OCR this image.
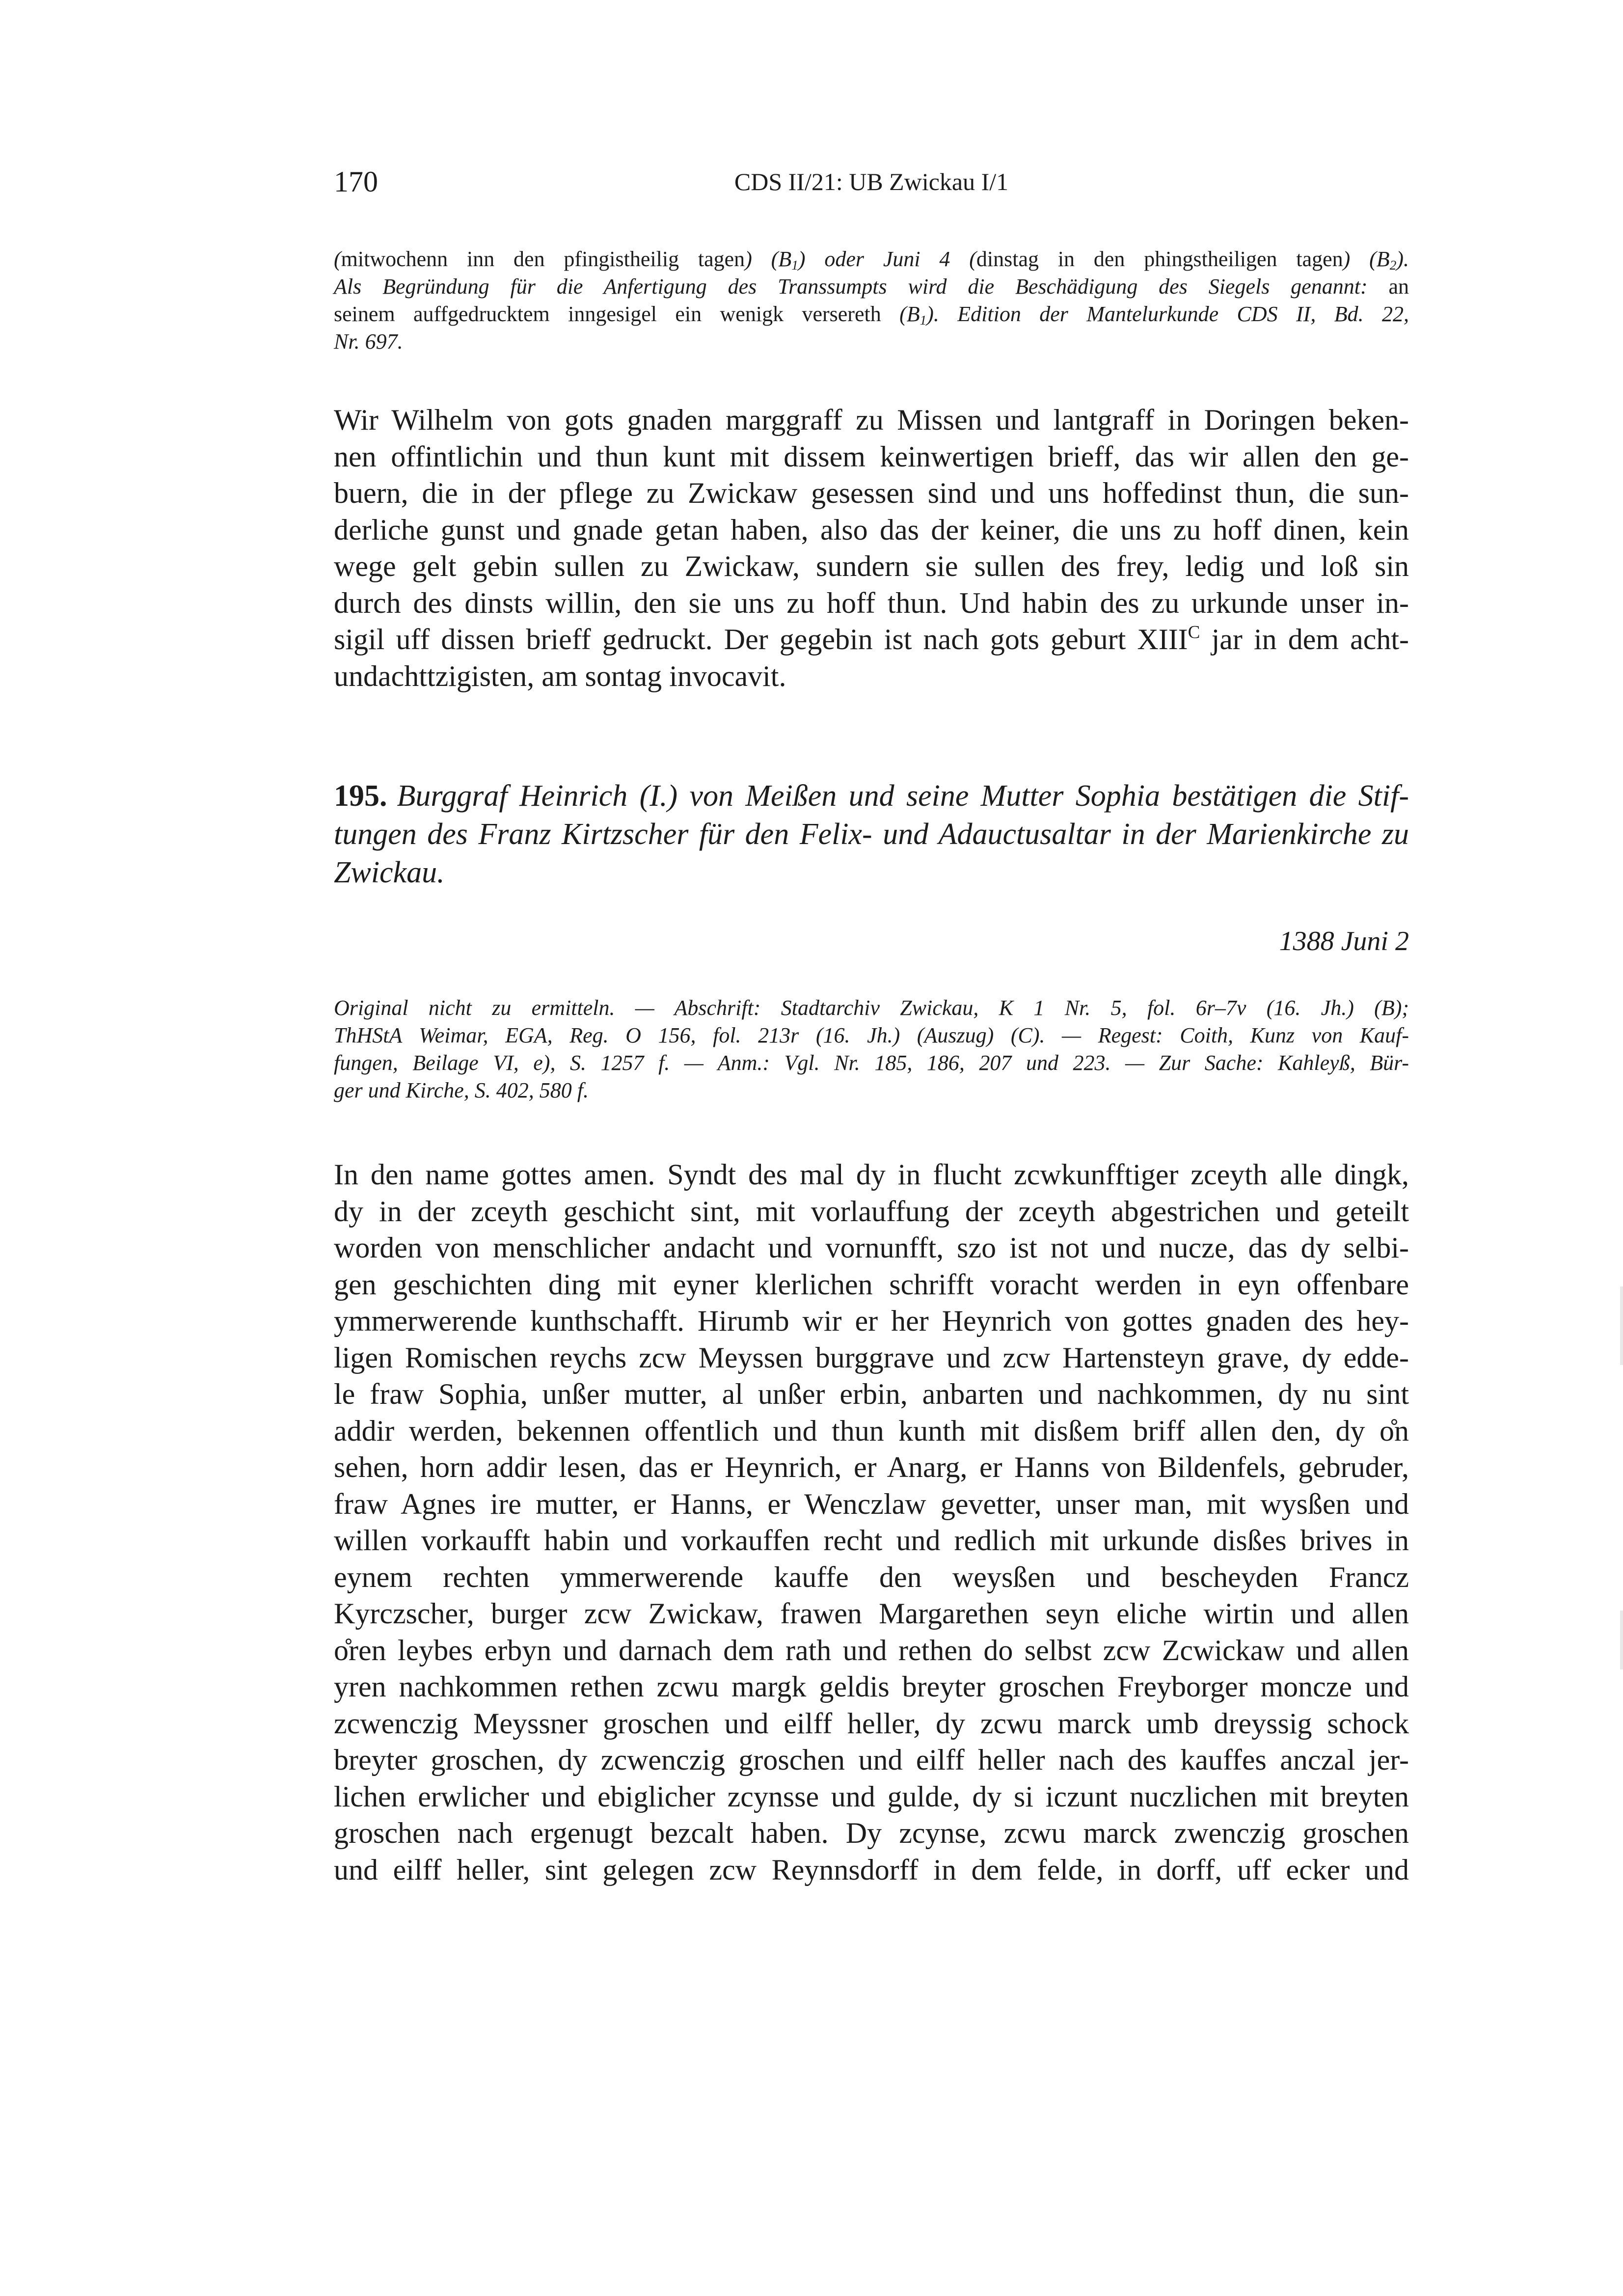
170	CDS II/21: UB Zwickau I/1
(mitwochenn inn den pfingistheilig tagen) $(B_1)$ oder Juni 4 (dinstag in den phingstheiligen tagen) $(B_2)$.
Als Begründung für die Anfertigung des Transsumpts wird die Beschädigung des Siegels genannt: an
seinem auffgedrucktem inngesigel ein wenigk versereth $(B_1)$. Edition der Mantelurkunde CDS II, Bd. 22,
Nr. 697.
Wir Wilhelm von gots gnaden marggraff zu Missen und lantgraff in Doringen beken-
nen offintlichin und thun kunt mit dissem keinwertigen brieff, das wir allen den ge-
buern, die in der pflege zu Zwickaw gesessen sind und uns hoffedinst thun, die sun-
derliche gunst und gnade getan haben, also das der keiner, die uns zu hoff dinen, kein
wege gelt gebin sullen zu Zwickaw, sundern sie sullen des frey, ledig und loß sin
durch des dinsts willin, den sie uns zu hoff thun. Und habin des zu urkunde unser in-
sigil uff dissen brieff gedruckt. Der gegebin ist nach gots geburt $XIII^C$ jar in dem acht-
undachttzigisten, am sontag invocavit.
195. Burggraf Heinrich (I.) von Meißen und seine Mutter Sophia bestätigen die Stif-
tungen des Franz Kirtzscher für den Felix- und Adauctusaltar in der Marienkirche zu
Zwickau.
1388 Juni 2
Original nicht zu ermitteln. — Abschrift: Stadtarchiv Zwickau, K 1 Nr. 5, fol. 6r–7v (16. Jh.) (B);
ThHStA Weimar, EGA, Reg. O 156, fol. 213r (16. Jh.) (Auszug) (C). — Regest: Coith, Kunz von Kauf-
fungen, Beilage VI, e), S. 1257 f. — Anm.: Vgl. Nr. 185, 186, 207 und 223. — Zur Sache: Kahleyß, Bür-
ger und Kirche, S. 402, 580 f.
In den name gottes amen. Syndt des mal dy in flucht zcwkunfftiger zceyth alle dingk,
dy in der zceyth geschicht sint, mit vorlauffung der zceyth abgestrichen und geteilt
worden von menschlicher andacht und vornunfft, szo ist not und nucze, das dy selbi-
gen geschichten ding mit eyner klerlichen schrifft voracht werden in eyn offenbare
ymmerwerende kunthschafft. Hirumb wir er her Heynrich von gottes gnaden des hey-
ligen Romischen reychs zcw Meyssen burggrave und zcw Hartensteyn grave, dy edde-
le fraw Sophia, unßer mutter, al unßer erbin, anbarten und nachkommen, dy nu sint
addir werden, bekennen offentlich und thun kunth mit disßem briff allen den, dy o̊n
sehen, horn addir lesen, das er Heynrich, er Anarg, er Hanns von Bildenfels, gebruder,
fraw Agnes ire mutter, er Hanns, er Wenczlaw gevetter, unser man, mit wysßen und
willen vorkaufft habin und vorkauffen recht und redlich mit urkunde disßes brives in
eynem rechten ymmerwerende kauffe den weysßen und bescheyden Francz
Kyrczscher, burger zcw Zwickaw, frawen Margarethen seyn eliche wirtin und allen
o̊ren leybes erbyn und darnach dem rath und rethen do selbst zcw Zcwickaw und allen
yren nachkommen rethen zcwu margk geldis breyter groschen Freyborger moncze und
zcwenczig Meyssner groschen und eilff heller, dy zcwu marck umb dreyssig schock
breyter groschen, dy zcwenczig groschen und eilff heller nach des kauffes anczal jer-
lichen erwlicher und ebiglicher zcynsse und gulde, dy si iczunt nuczlichen mit breyten
groschen nach ergenugt bezcalt haben. Dy zcynse, zcwu marck zwenczig groschen
und eilff heller, sint gelegen zcw Reynnsdorff in dem felde, in dorff, uff ecker und
